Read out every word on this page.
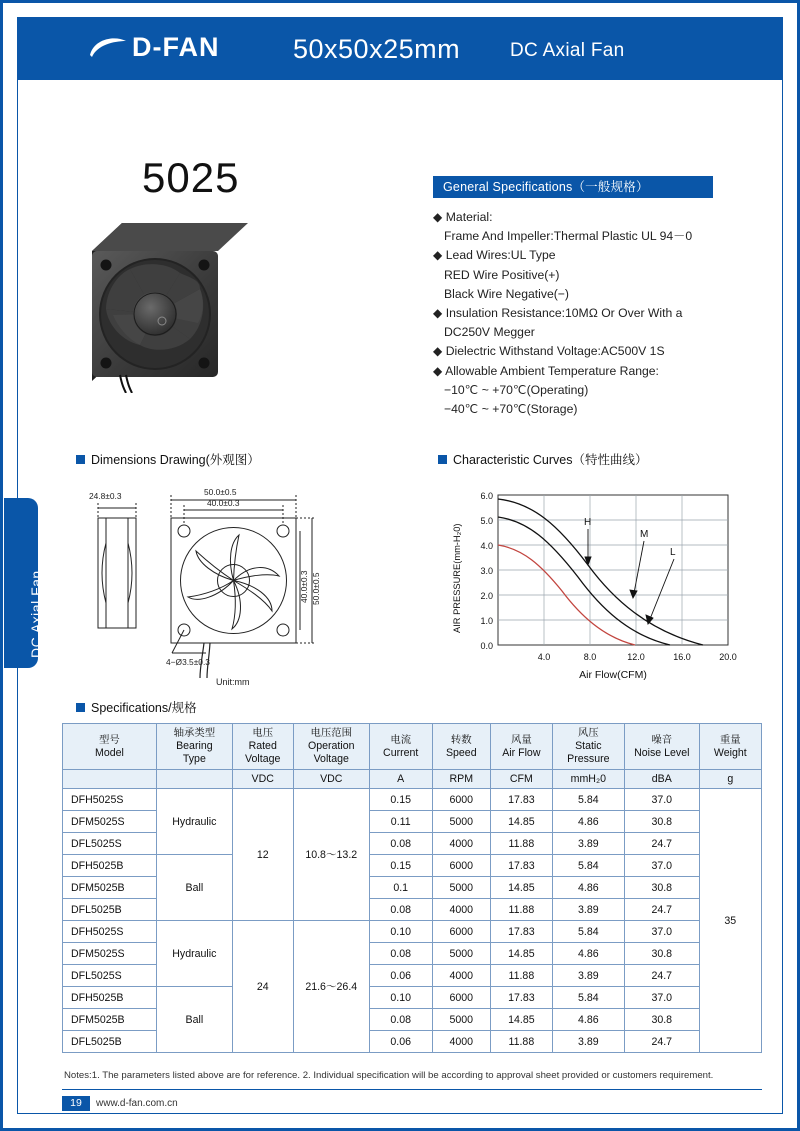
D-FAN	50x50x25mm	DC Axial Fan
DC Axial Fan
5025	General Specifications（一般规格）
◆ Material:
Frame And Impeller:Thermal Plastic UL 94－0
◆ Lead Wires:UL Type
RED Wire Positive(+)
Black Wire Negative(−)
◆ Insulation Resistance:10MΩ Or Over With a
DC250V Megger
◆ Dielectric Withstand Voltage:AC500V 1S
◆ Allowable Ambient Temperature Range:
−10℃ ~ +70℃(Operating)
−40℃ ~ +70℃(Storage)
Dimensions Drawing(外观图）	Characteristic Curves（特性曲线）
Specifications/规格
24.8±0.3	50.0±0.5
40.0±0.3
4−Ø3.5±0.3
Unit:mm
40.0±0.3 50.0±0.5
H
M
L
0.0
1.0
2.0
3.0
4.0
5.0
6.0
4.0	8.0	12.0	16.0	20.0
Air Flow(CFM)
AIR PRESSURE(mm-H₂0)
型号
Model

轴承类型
Bearing
Type

电压
Rated
Voltage

电压范围
Operation
Voltage

电流
Current

转数
Speed

风量
Air Flow

风压
Static
Pressure

噪音
Noise Level

重量
Weight

		VDC	VDC	A	RPM	CFM	mmH₂0	dBA	g
DFH5025S	Hydraulic	12	10.8～13.2	0.15	6000	17.83	5.84	37.0	35
DFM5025S				0.11	5000	14.85	4.86	30.8	
DFL5025S				0.08	4000	11.88	3.89	24.7	
DFH5025B	Ball			0.15	6000	17.83	5.84	37.0	
DFM5025B				0.1	5000	14.85	4.86	30.8	
DFL5025B				0.08	4000	11.88	3.89	24.7	
DFH5025S	Hydraulic	24	21.6～26.4	0.10	6000	17.83	5.84	37.0	
DFM5025S				0.08	5000	14.85	4.86	30.8	
DFL5025S				0.06	4000	11.88	3.89	24.7	
DFH5025B	Ball			0.10	6000	17.83	5.84	37.0	
DFM5025B				0.08	5000	14.85	4.86	30.8	
DFL5025B				0.06	4000	11.88	3.89	24.7	
Notes:1. The parameters listed above are for reference. 2. Individual specification will be according to approval sheet provided or customers requirement.
19	www.d-fan.com.cn
